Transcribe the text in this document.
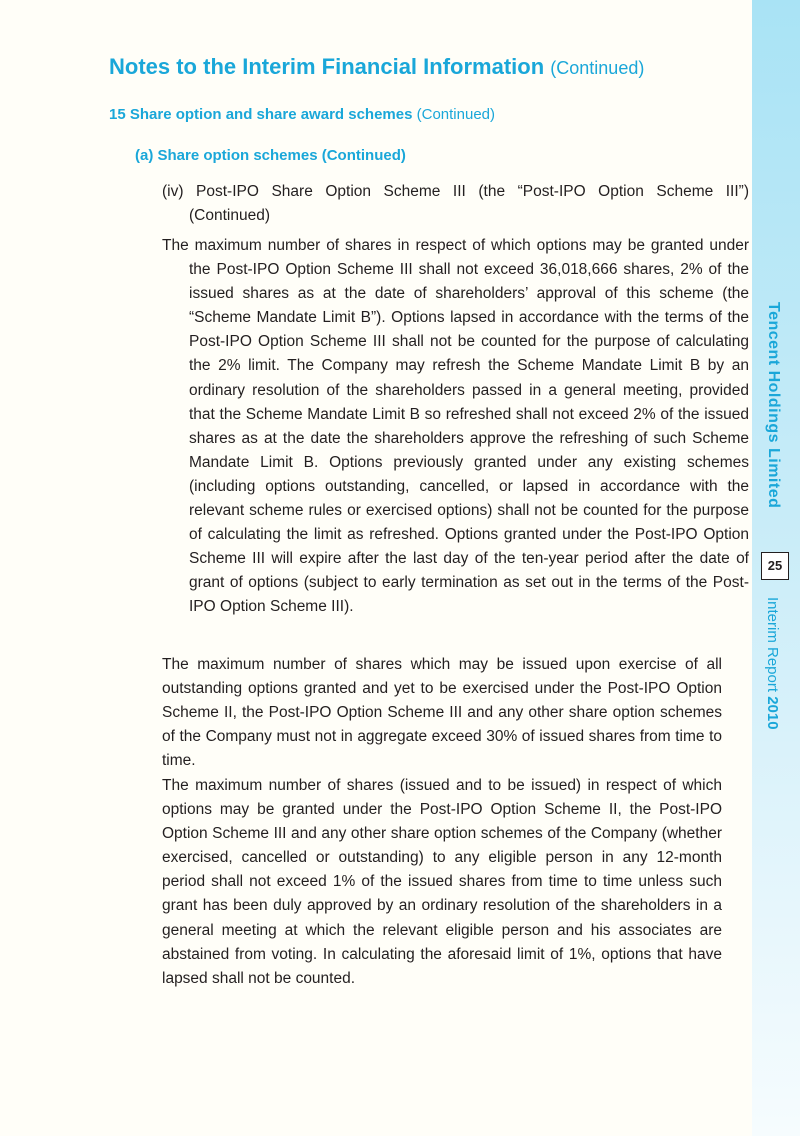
Notes to the Interim Financial Information (Continued)
15 Share option and share award schemes (Continued)
(a) Share option schemes (Continued)

(iv) Post-IPO Share Option Scheme III (the “Post-IPO Option Scheme III”) (Continued)

The maximum number of shares in respect of which options may be granted under the Post-IPO Option Scheme III shall not exceed 36,018,666 shares, 2% of the issued shares as at the date of shareholders’ approval of this scheme (the “Scheme Mandate Limit B”). Options lapsed in accordance with the terms of the Post-IPO Option Scheme III shall not be counted for the purpose of calculating the 2% limit. The Company may refresh the Scheme Mandate Limit B by an ordinary resolution of the shareholders passed in a general meeting, provided that the Scheme Mandate Limit B so refreshed shall not exceed 2% of the issued shares as at the date the shareholders approve the refreshing of such Scheme Mandate Limit B. Options previously granted under any existing schemes (including options outstanding, cancelled, or lapsed in accordance with the relevant scheme rules or exercised options) shall not be counted for the purpose of calculating the limit as refreshed. Options granted under the Post-IPO Option Scheme III will expire after the last day of the ten-year period after the date of grant of options (subject to early termination as set out in the terms of the Post-IPO Option Scheme III).

The maximum number of shares which may be issued upon exercise of all outstanding options granted and yet to be exercised under the Post-IPO Option Scheme II, the Post-IPO Option Scheme III and any other share option schemes of the Company must not in aggregate exceed 30% of issued shares from time to time.

The maximum number of shares (issued and to be issued) in respect of which options may be granted under the Post-IPO Option Scheme II, the Post-IPO Option Scheme III and any other share option schemes of the Company (whether exercised, cancelled or outstanding) to any eligible person in any 12-month period shall not exceed 1% of the issued shares from time to time unless such grant has been duly approved by an ordinary resolution of the shareholders in a general meeting at which the relevant eligible person and his associates are abstained from voting. In calculating the aforesaid limit of 1%, options that have lapsed shall not be counted.

Tencent Holdings Limited
25
Interim Report 2010
